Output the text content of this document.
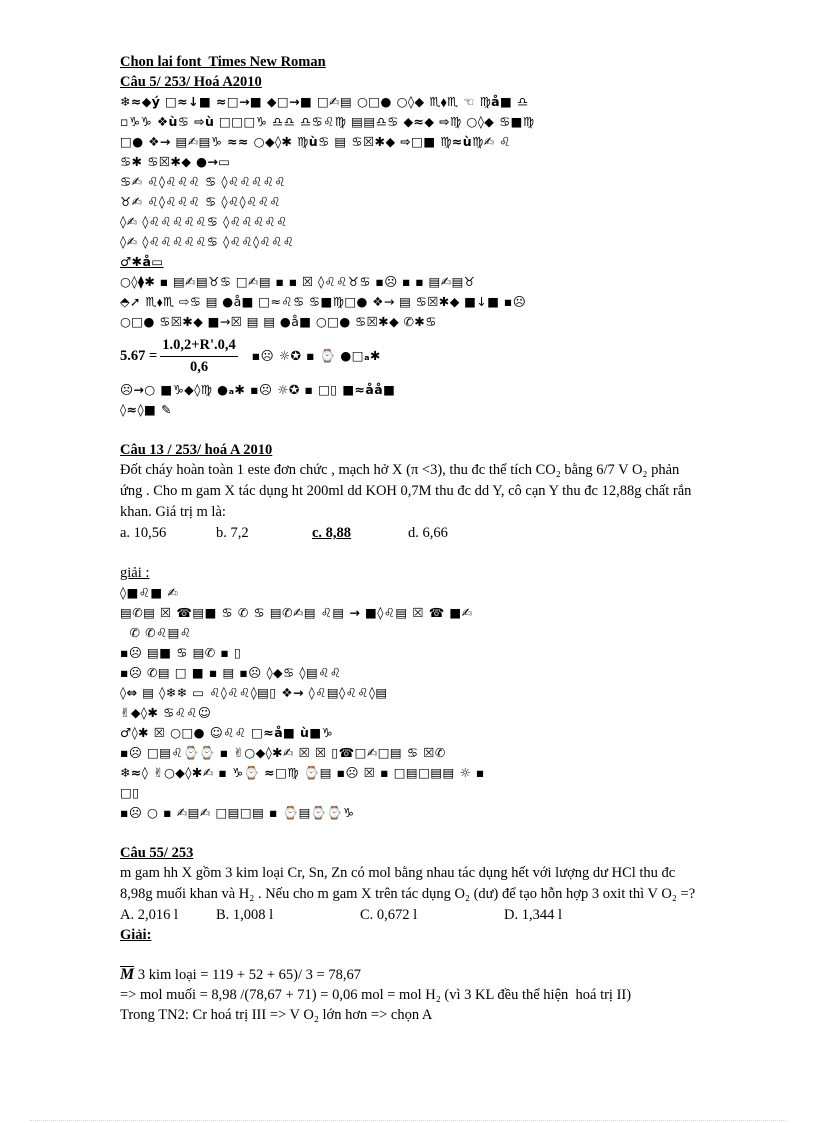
Chon lai font  Times New Roman
Câu 5/ 253/ Hoá A2010
❄≈◆ý □≈↓■ ≈□→■ ◆□→■ □✍▤ ○□● ○◊◆ ♏⬧♏ ☜ ♍å■ ♎
▫♑♑ ❖ù♋ ⇨ù □□□♑ ♎♎ ♎♋♌♍ ▤▤♎♋ ◆≈◆ ⇨♍ ○◊◆ ♋■♍
□● ❖→ ▤✍▤♑ ≈≈ ○◆◊✱ ♍ù♋ ▤ ♋☒✱◆ ⇨□■ ♍≈ù♍✍ ♌
♋✱ ♋☒✱◆ ●→▭
♋✍ ♌◊♌♌♌ ♋ ◊♌♌♌♌♌
♉✍ ♌◊♌♌♌ ♋ ◊♌◊♌♌♌
◊✍ ◊♌♌♌♌♌♋ ◊♌♌♌♌♌
◊✍ ◊♌♌♌♌♌♋ ◊♌♌◊♌♌♌
♂✱å▭
○◊⧫✱ ▪ ▤✍▤♉♋ □✍▤ ▪ ▪ ☒ ◊♌♌♉♋ ▪☹ ▪ ▪ ▤✍▤♉
⬘➚ ♏⬧♏ ⇨♋ ▤ ●å■ □≈♌♋ ♋■♍□● ❖→ ▤ ♋☒✱◆ ■↓■ ▪☹
○□● ♋☒✱◆ ■→☒ ▤ ▤ ●å■ ○□● ♋☒✱◆ ✆✱♋
$5.67 = \frac{1.0,2+R'.0,4}{0,6}$ ▪☹ ☼✪ ▪ ⌚ ●□ₐ✱
☹→○ ■♑◆◊♍ ●ₐ✱ ▪☹ ☼✪ ▪ □▯ ■≈åå■
◊≈◊■ ✎
Câu 13 / 253/ hoá A 2010

Đốt cháy hoàn toàn 1 este đơn chức , mạch hở X (π <3), thu đc thể tích CO₂ bằng 6/7 V O₂ phản

ứng . Cho m gam X tác dụng ht 200ml dd KOH 0,7M thu đc dd Y, cô cạn Y thu đc 12,88g chất rắn

khan. Giá trị m là:

a. 10,56	b. 7,2	c. 8,88	d. 6,66
giải :
◊■♌■ ✍
▤✆▤ ☒ ☎▤■ ♋ ✆ ♋ ▤✆✍▤ ♌▤ → ■◊♌▤ ☒ ☎ ■✍
✆ ✆♌▤♌
▪☹ ▤■ ♋ ▤✆ ▪ ▯
▪☹ ✆▤ □ ■ ▪ ▤ ▪☹ ◊◆♋ ◊▤♌♌
◊⇔ ▤ ◊❄❄ ▭ ♌◊♌♌◊▤▯ ❖→ ◊♌▤◊♌♌◊▤
✌◆◊✱ ♋♌♌☺
♂◊✱ ☒ ○□● ☺♌♌ □≈å■ ù■♑
▪☹ □▤♌⌚⌚ ▪ ✌○◆◊✱✍ ☒ ☒ ▯☎□✍□▤ ♋ ☒✆
❄≈◊ ✌○◆◊✱✍ ▪ ♑⌚ ≈□♍ ⌚▤ ▪☹ ☒ ▪ □▤□▤▤ ☼ ▪
□▯
▪☹ ○ ▪ ✍▤✍ □▤□▤ ▪ ⌚▤⌚⌚♑
Câu 55/ 253

m gam hh X gồm 3 kim loại Cr, Sn, Zn có mol bằng nhau tác dụng hết với lượng dư HCl thu đc

8,98g muối khan và H₂ . Nếu cho m gam X trên tác dụng O₂ (dư) để tạo hỗn hợp 3 oxit thì V O₂ =?

A. 2,016 l	B. 1,008 l	C. 0,672 l	D. 1,344 l
Giải:
M 3 kim loại = 119 + 52 + 65)/ 3 = 78,67
=> mol muối = 8,98 /(78,67 + 71) = 0,06 mol = mol H₂ (vì 3 KL đều thể hiện  hoá trị II)
Trong TN2: Cr hoá trị III => V O₂ lớn hơn => chọn A
